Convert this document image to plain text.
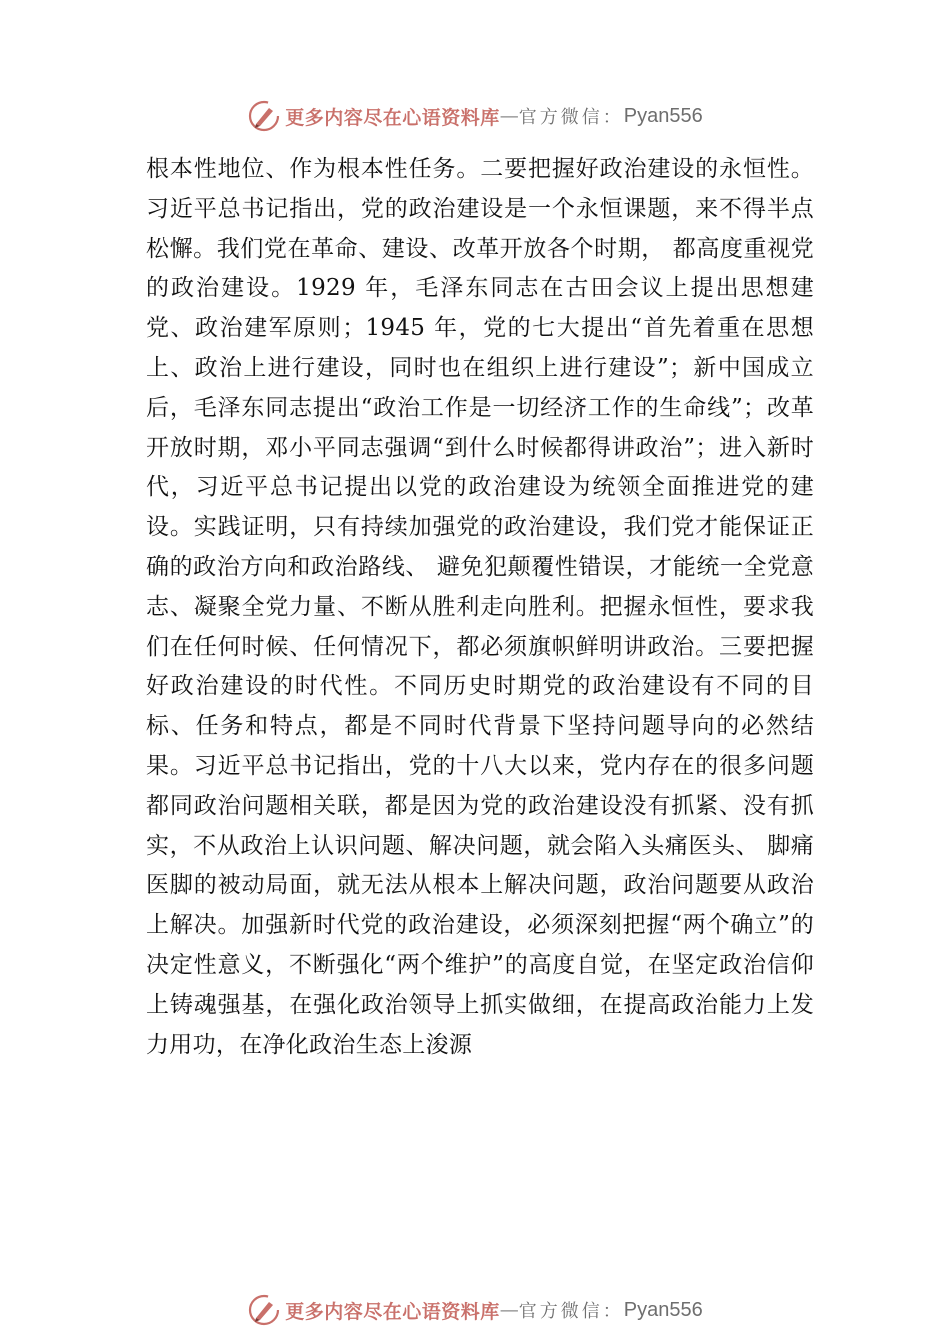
更多内容尽在心语资料库 — 官方微信： Pyan556

根本性地位、作为根本性任务。二要把握好政治建设的永恒性。习近平总书记指出，党的政治建设是一个永恒课题，来不得半点松懈。我们党在革命、建设、改革开放各个时期， 都高度重视党的政治建设。1929 年，毛泽东同志在古田会议上提出思想建党、政治建军原则；1945 年，党的七大提出“首先着重在思想上、政治上进行建设，同时也在组织上进行建设”；新中国成立后，毛泽东同志提出“政治工作是一切经济工作的生命线”；改革开放时期，邓小平同志强调“到什么时候都得讲政治”；进入新时代，习近平总书记提出以党的政治建设为统领全面推进党的建设。实践证明，只有持续加强党的政治建设，我们党才能保证正确的政治方向和政治路线、 避免犯颠覆性错误，才能统一全党意志、凝聚全党力量、不断从胜利走向胜利。把握永恒性，要求我们在任何时候、任何情况下，都必须旗帜鲜明讲政治。三要把握好政治建设的时代性。不同历史时期党的政治建设有不同的目标、任务和特点，都是不同时代背景下坚持问题导向的必然结果。习近平总书记指出，党的十八大以来，党内存在的很多问题都同政治问题相关联，都是因为党的政治建设没有抓紧、没有抓实，不从政治上认识问题、解决问题，就会陷入头痛医头、 脚痛医脚的被动局面，就无法从根本上解决问题，政治问题要从政治上解决。加强新时代党的政治建设，必须深刻把握“两个确立”的决定性意义，不断强化“两个维护”的高度自觉，在坚定政治信仰上铸魂强基，在强化政治领导上抓实做细，在提高政治能力上发力用功，在净化政治生态上浚源

更多内容尽在心语资料库 — 官方微信： Pyan556
